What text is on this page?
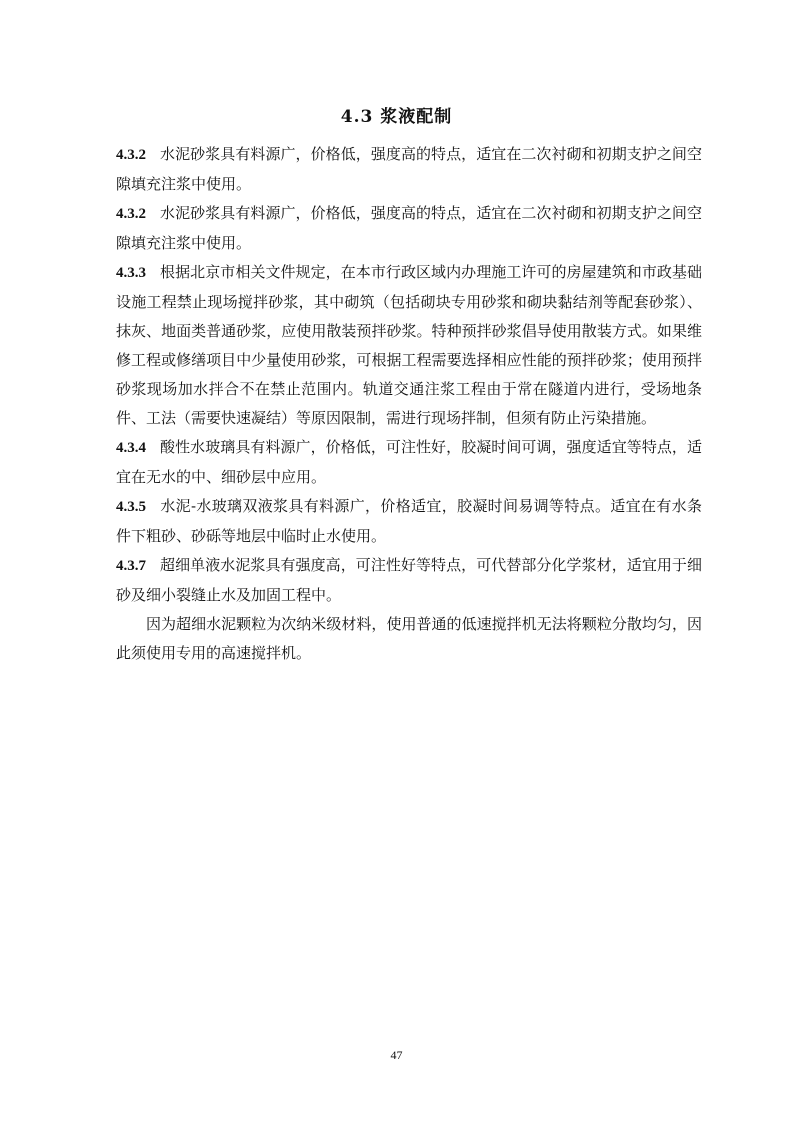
4.3 浆液配制

4.3.2 水泥砂浆具有料源广，价格低，强度高的特点，适宜在二次衬砌和初期支护之间空隙填充注浆中使用。

4.3.2 水泥砂浆具有料源广，价格低，强度高的特点，适宜在二次衬砌和初期支护之间空隙填充注浆中使用。

4.3.3 根据北京市相关文件规定，在本市行政区域内办理施工许可的房屋建筑和市政基础设施工程禁止现场搅拌砂浆，其中砌筑（包括砌块专用砂浆和砌块黏结剂等配套砂浆）、抹灰、地面类普通砂浆，应使用散装预拌砂浆。特种预拌砂浆倡导使用散装方式。如果维修工程或修缮项目中少量使用砂浆，可根据工程需要选择相应性能的预拌砂浆；使用预拌砂浆现场加水拌合不在禁止范围内。轨道交通注浆工程由于常在隧道内进行，受场地条件、工法（需要快速凝结）等原因限制，需进行现场拌制，但须有防止污染措施。

4.3.4 酸性水玻璃具有料源广，价格低，可注性好，胶凝时间可调，强度适宜等特点，适宜在无水的中、细砂层中应用。

4.3.5 水泥-水玻璃双液浆具有料源广，价格适宜，胶凝时间易调等特点。适宜在有水条件下粗砂、砂砾等地层中临时止水使用。

4.3.7 超细单液水泥浆具有强度高，可注性好等特点，可代替部分化学浆材，适宜用于细砂及细小裂缝止水及加固工程中。

因为超细水泥颗粒为次纳米级材料，使用普通的低速搅拌机无法将颗粒分散均匀，因此须使用专用的高速搅拌机。

47
